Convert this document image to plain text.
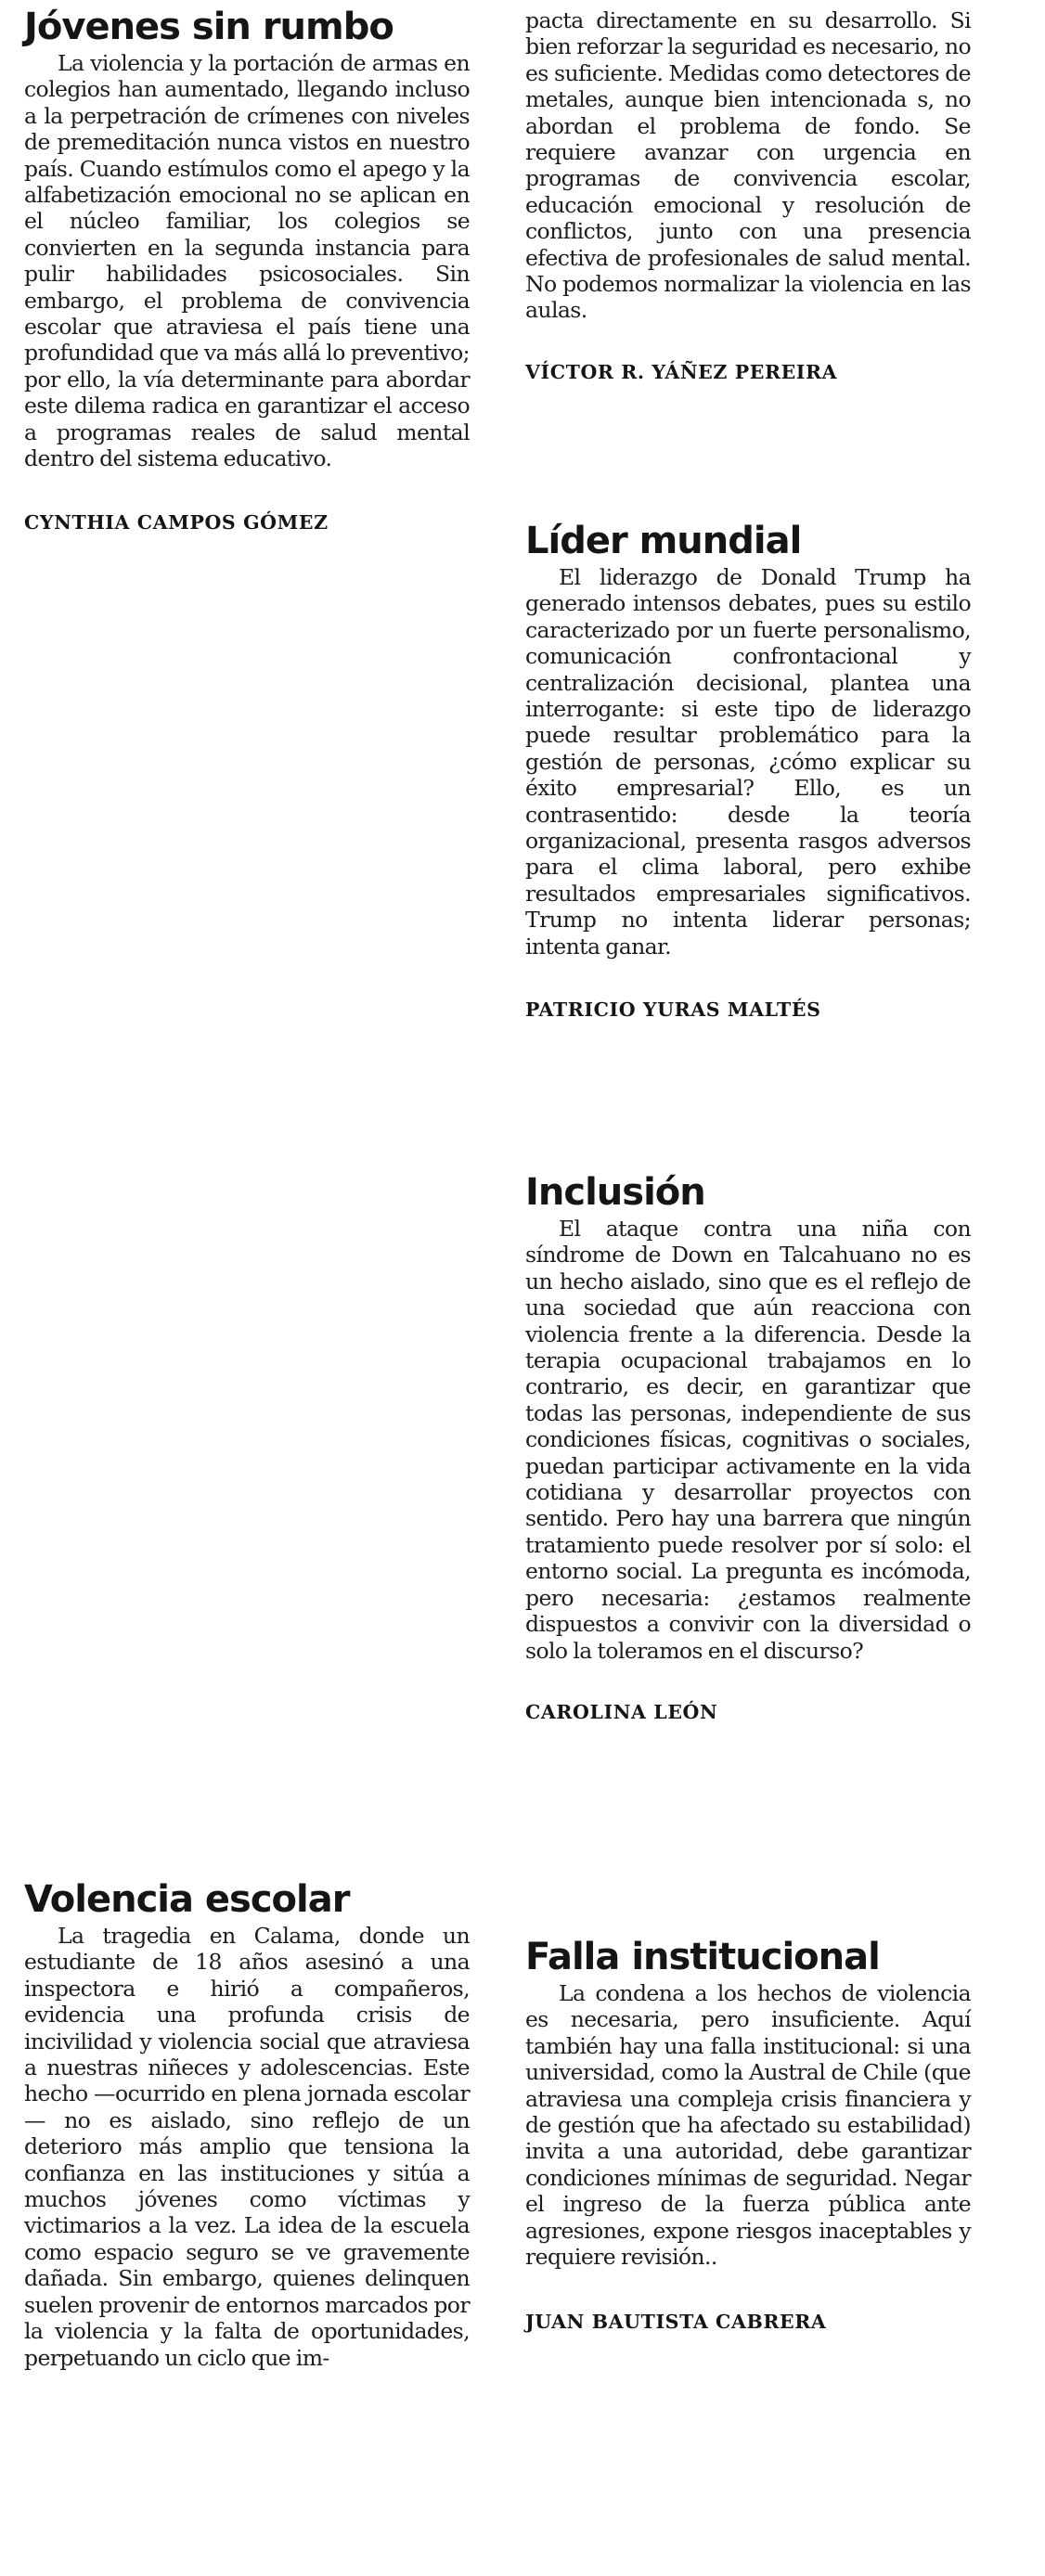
Jóvenes sin rumbo

La violencia y la portación de armas en colegios han aumentado, llegando incluso a la perpetración de crímenes con niveles de premeditación nunca vistos en nuestro país. Cuando estímulos como el apego y la alfabetización emocional no se aplican en el núcleo familiar, los colegios se convierten en la segunda instancia para pulir habilidades psicosociales. Sin embargo, el problema de convivencia escolar que atraviesa el país tiene una profundidad que va más allá lo preventivo; por ello, la vía determinante para abordar este dilema radica en garantizar el acceso a programas reales de salud mental dentro del sistema educativo.

CYNTHIA CAMPOS GÓMEZ

Volencia escolar

La tragedia en Calama, donde un estudiante de 18 años asesinó a una inspectora e hirió a compañeros, evidencia una profunda crisis de incivilidad y violencia social que atraviesa a nuestras niñeces y adolescencias. Este hecho —ocurrido en plena jornada escolar— no es aislado, sino reflejo de un deterioro más amplio que tensiona la confianza en las instituciones y sitúa a muchos jóvenes como víctimas y victimarios a la vez. La idea de la escuela como espacio seguro se ve gravemente dañada. Sin embargo, quienes delinquen suelen provenir de entornos marcados por la violencia y la falta de oportunidades, perpetuando un ciclo que im-

pacta directamente en su desarrollo. Si bien reforzar la seguridad es necesario, no es suficiente. Medidas como detectores de metales, aunque bien intencionada s, no abordan el problema de fondo. Se requiere avanzar con urgencia en programas de convivencia escolar, educación emocional y resolución de conflictos, junto con una presencia efectiva de profesionales de salud mental. No podemos normalizar la violencia en las aulas.

VÍCTOR R. YÁÑEZ PEREIRA

Líder mundial

El liderazgo de Donald Trump ha generado intensos debates, pues su estilo caracterizado por un fuerte personalismo, comunicación confrontacional y centralización decisional, plantea una interrogante: si este tipo de liderazgo puede resultar problemático para la gestión de personas, ¿cómo explicar su éxito empresarial? Ello, es un contrasentido: desde la teoría organizacional, presenta rasgos adversos para el clima laboral, pero exhibe resultados empresariales significativos. Trump no intenta liderar personas; intenta ganar.

PATRICIO YURAS MALTÉS

Inclusión

El ataque contra una niña con síndrome de Down en Talcahuano no es un hecho aislado, sino que es el reflejo de una sociedad que aún reacciona con violencia frente a la diferencia. Desde la terapia ocupacional trabajamos en lo contrario, es decir, en garantizar que todas las personas, independiente de sus condiciones físicas, cognitivas o sociales, puedan participar activamente en la vida cotidiana y desarrollar proyectos con sentido. Pero hay una barrera que ningún tratamiento puede resolver por sí solo: el entorno social. La pregunta es incómoda, pero necesaria: ¿estamos realmente dispuestos a convivir con la diversidad o solo la toleramos en el discurso?

CAROLINA LEÓN

Falla institucional

La condena a los hechos de violencia es necesaria, pero insuficiente. Aquí también hay una falla institucional: si una universidad, como la Austral de Chile (que atraviesa una compleja crisis financiera y de gestión que ha afectado su estabilidad) invita a una autoridad, debe garantizar condiciones mínimas de seguridad. Negar el ingreso de la fuerza pública ante agresiones, expone riesgos inaceptables y requiere revisión..

JUAN BAUTISTA CABRERA
